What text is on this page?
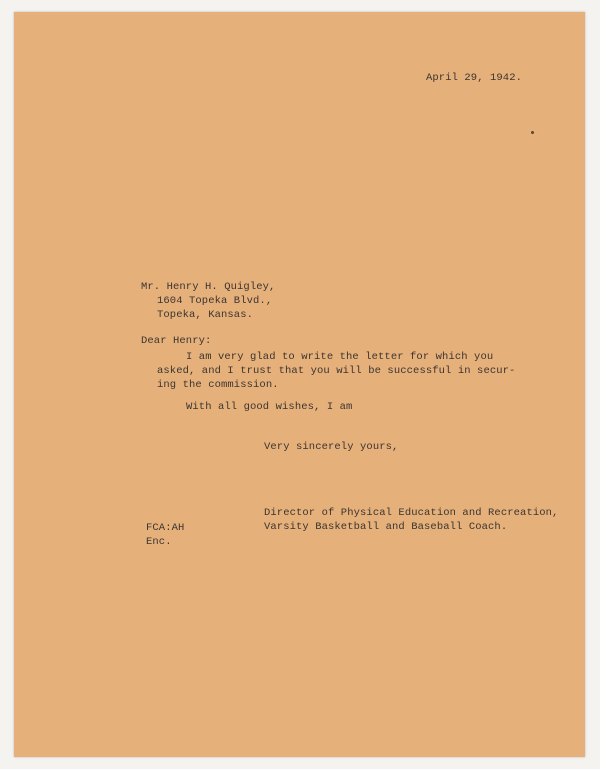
April 29, 1942.
Mr. Henry H. Quigley,
1604 Topeka Blvd.,
Topeka, Kansas.
Dear Henry:
I am very glad to write the letter for which you
asked, and I trust that you will be successful in secur-
ing the commission.
With all good wishes, I am
Very sincerely yours,
Director of Physical Education and Recreation,
Varsity Basketball and Baseball Coach.
FCA:AH
Enc.
